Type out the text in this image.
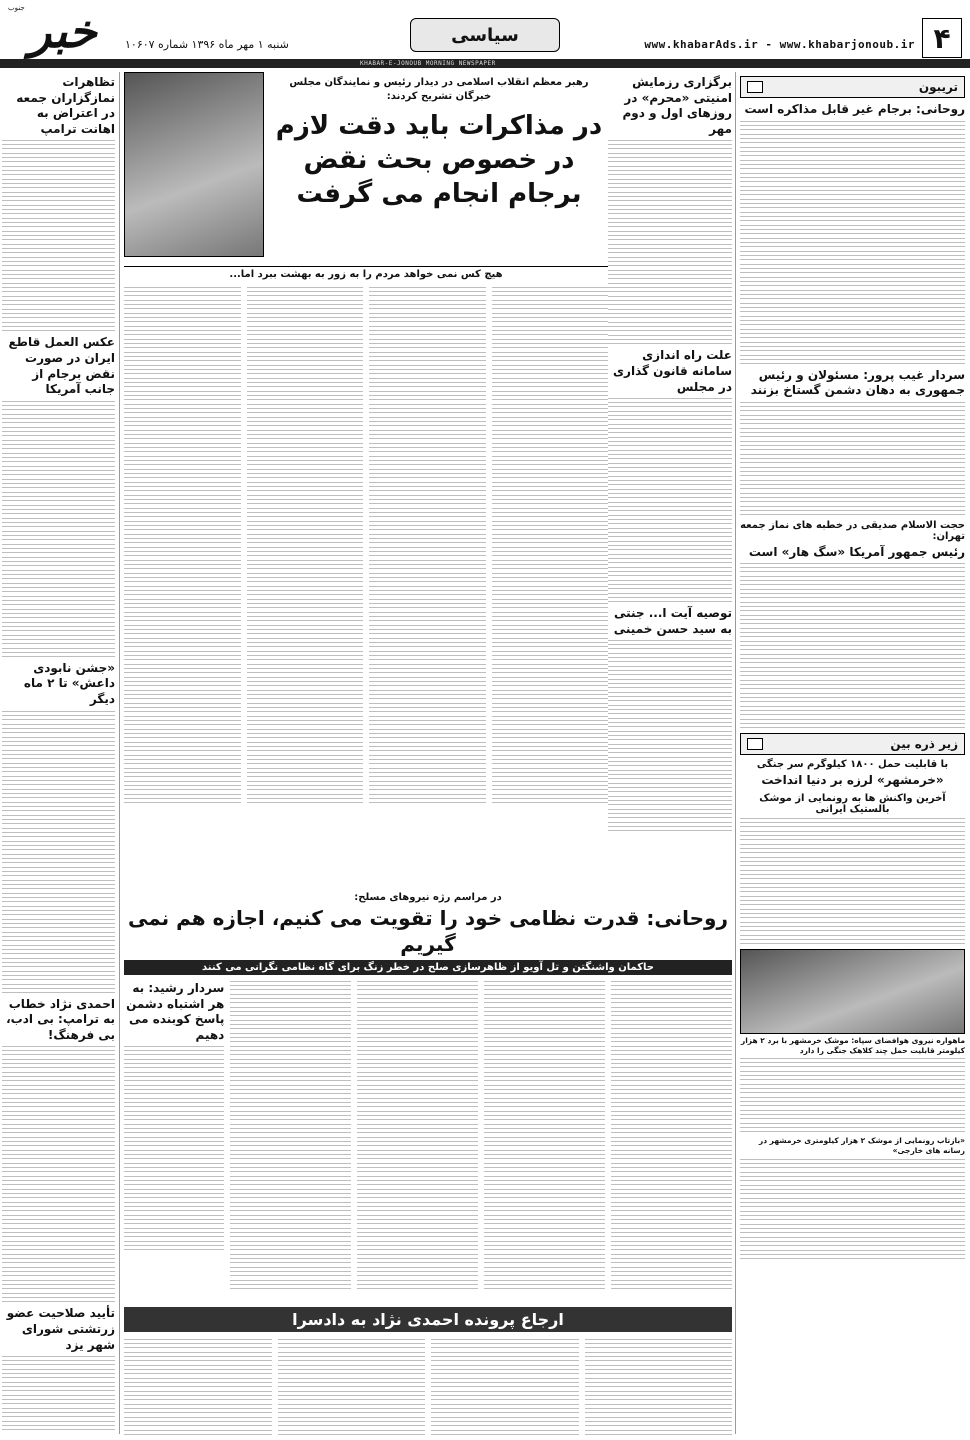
۴
www.khabarAds.ir - www.khabarjonoub.ir
سیاسی
خبر
جنوب
شنبه ۱ مهر ماه ۱۳۹۶ شماره ۱۰۶۰۷
KHABAR-E-JONOUB MORNING NEWSPAPER
تریبون
روحانی: برجام غیر قابل مذاکره است
سردار غیب پرور: مسئولان و رئیس جمهوری به دهان دشمن گستاخ بزنند
حجت الاسلام صدیقی در خطبه های نماز جمعه تهران:
رئیس جمهور آمریکا «سگ هار» است
زیر ذره بین
با قابلیت حمل ۱۸۰۰ کیلوگرم سر جنگی
«خرمشهر» لرزه بر دنیا انداخت
آخرین واکنش ها به رونمایی از موشک بالستیک ایرانی
ماهواره نیروی هوافضای سپاه: موشک خرمشهر با برد ۲ هزار کیلومتر قابلیت حمل چند کلاهک جنگی را دارد
«بازتاب رونمایی از موشک ۲ هزار کیلومتری خرمشهر در رسانه های خارجی»
برگزاری رزمایش امنیتی «محرم» در روزهای اول و دوم مهر
علت راه اندازی سامانه قانون گذاری در مجلس
توصیه آیت ا... جنتی به سید حسن خمینی
رهبر معظم انقلاب اسلامی در دیدار رئیس و نمایندگان مجلس خبرگان تشریح کردند:
در مذاکرات باید دقت لازم در خصوص بحث نقض برجام انجام می گرفت
هیچ کس نمی خواهد مردم را به زور به بهشت ببرد اما...
در مراسم رژه نیروهای مسلح:
روحانی: قدرت نظامی خود را تقویت می کنیم، اجازه هم نمی گیریم
حاکمان واشنگتن و تل آویو از ظاهرسازی صلح در خطر زنگ برای گاه نظامی نگرانی می کنند
سردار رشید: به هر اشتباه دشمن پاسخ کوبنده می دهیم
ارجاع پرونده احمدی نژاد به دادسرا
تظاهرات نمازگزاران جمعه در اعتراض به اهانت ترامپ
عکس العمل قاطع ایران در صورت نقض برجام از جانب آمریکا
«جشن نابودی داعش» تا ۲ ماه دیگر
احمدی نژاد خطاب به ترامپ: بی ادب، بی فرهنگ!
تأیید صلاحیت عضو زرتشتی شورای شهر یزد
